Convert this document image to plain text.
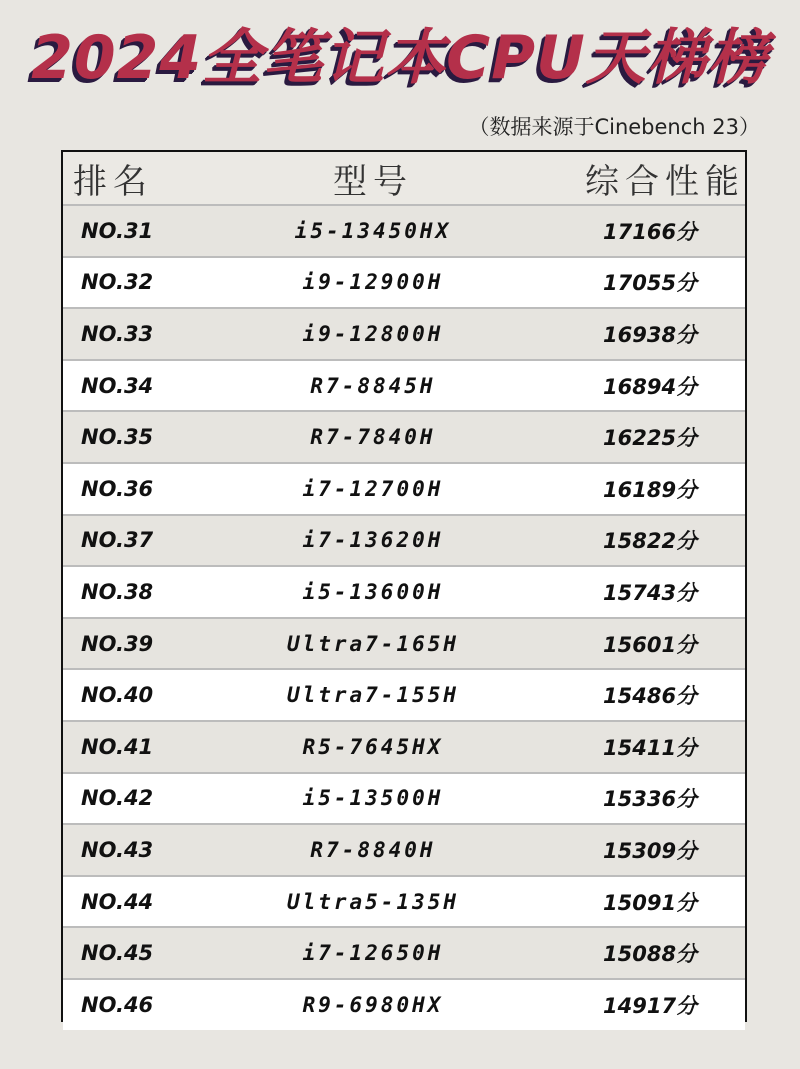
2024全笔记本CPU天梯榜
（数据来源于Cinebench 23）
排名	型号	综合性能
NO.31	i5-13450HX	17166分
NO.32	i9-12900H	17055分
NO.33	i9-12800H	16938分
NO.34	R7-8845H	16894分
NO.35	R7-7840H	16225分
NO.36	i7-12700H	16189分
NO.37	i7-13620H	15822分
NO.38	i5-13600H	15743分
NO.39	Ultra7-165H	15601分
NO.40	Ultra7-155H	15486分
NO.41	R5-7645HX	15411分
NO.42	i5-13500H	15336分
NO.43	R7-8840H	15309分
NO.44	Ultra5-135H	15091分
NO.45	i7-12650H	15088分
NO.46	R9-6980HX	14917分
